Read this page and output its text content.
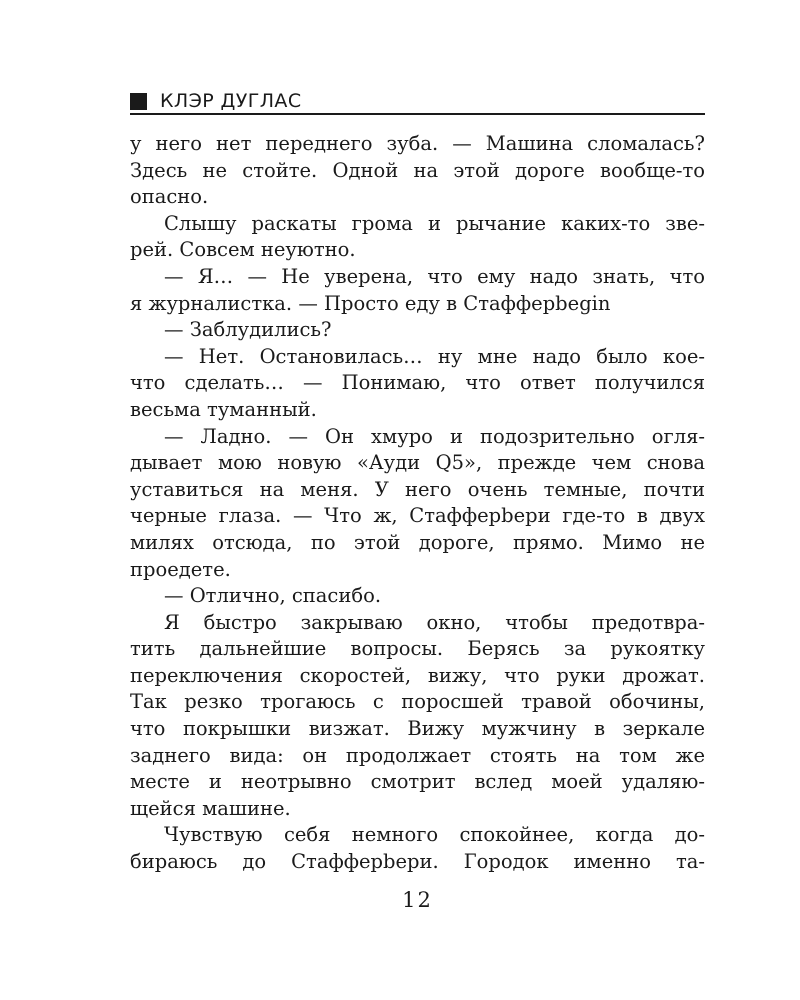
КЛЭР ДУГЛАС
у него нет переднего зуба. — Машина сломалась?
Здесь не стойте. Одной на этой дороге вообще-то
опасно.
Слышу раскаты грома и рычание каких-то зве-
рей. Совсем неуютно.
— Я… — Не уверена, что ему надо знать, что
я журналистка. — Просто еду в Стафферbegin
— Заблудились?
— Нет. Остановилась… ну мне надо было кое-
что сделать… — Понимаю, что ответ получился
весьма туманный.
— Ладно. — Он хмуро и подозрительно огля-
дывает мою новую «Ауди Q5», прежде чем снова
уставиться на меня. У него очень темные, почти
черные глаза. — Что ж, Стафферbери где-то в двух
милях отсюда, по этой дороге, прямо. Мимо не
проедете.
— Отлично, спасибо.
Я быстро закрываю окно, чтобы предотвра-
тить дальнейшие вопросы. Берясь за рукоятку
переключения скоростей, вижу, что руки дрожат.
Так резко трогаюсь с поросшей травой обочины,
что покрышки визжат. Вижу мужчину в зеркале
заднего вида: он продолжает стоять на том же
месте и неотрывно смотрит вслед моей удаляю-
щейся машине.
Чувствую себя немного спокойнее, когда до-
бираюсь до Стафферbери. Городок именно та-
12
